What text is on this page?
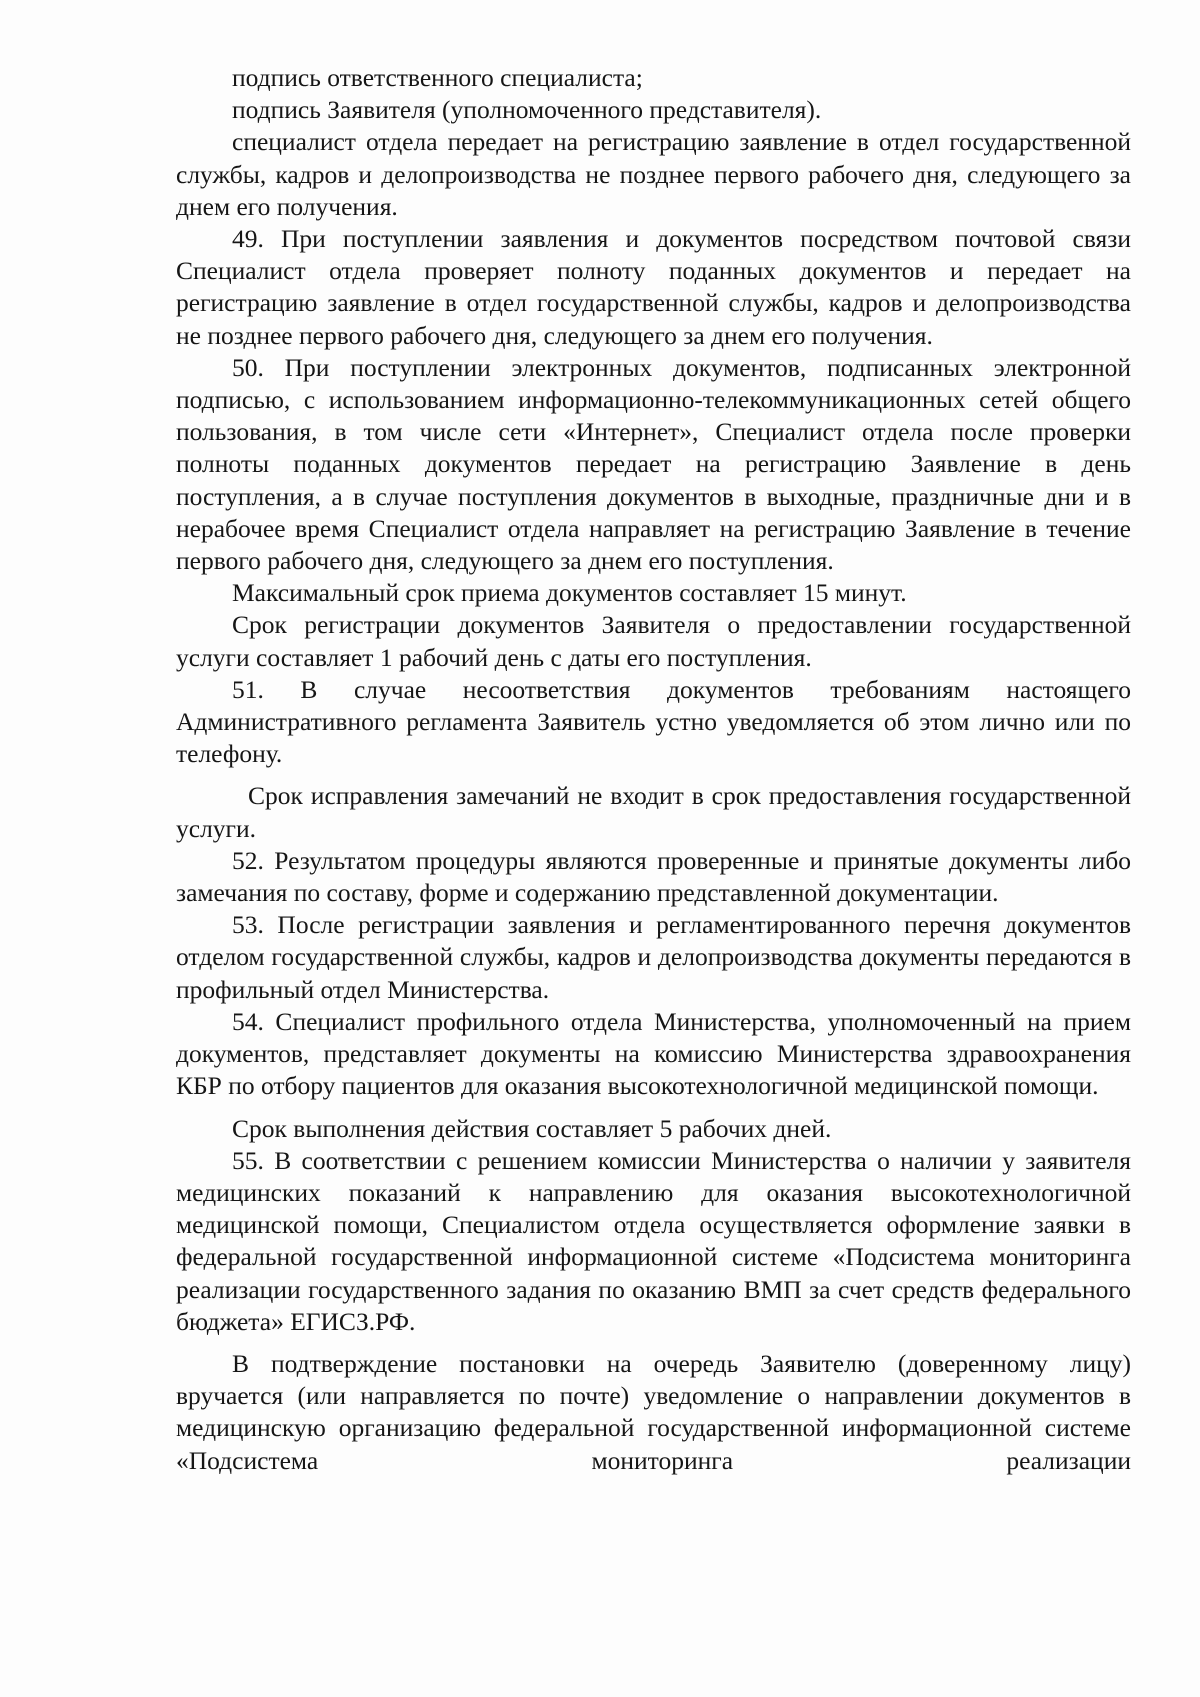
подпись ответственного специалиста;

подпись Заявителя (уполномоченного представителя).

специалист отдела передает на регистрацию заявление в отдел государственной службы, кадров и делопроизводства не позднее первого рабочего дня, следующего за днем его получения.

49. При поступлении заявления и документов посредством почтовой связи Специалист отдела проверяет полноту поданных документов и передает на регистрацию заявление в отдел государственной службы, кадров и делопроизводства не позднее первого рабочего дня, следующего за днем его получения.

50. При поступлении электронных документов, подписанных электронной подписью, с использованием информационно-телекоммуникационных сетей общего пользования, в том числе сети «Интернет», Специалист отдела после проверки полноты поданных документов передает на регистрацию Заявление в день поступления, а в случае поступления документов в выходные, праздничные дни и в нерабочее время Специалист отдела направляет на регистрацию Заявление в течение первого рабочего дня, следующего за днем его поступления.

Максимальный срок приема документов составляет 15 минут.

Срок регистрации документов Заявителя о предоставлении государственной услуги составляет 1 рабочий день с даты его поступления.

51. В случае несоответствия документов требованиям настоящего Административного регламента Заявитель устно уведомляется об этом лично или по телефону.

Срок исправления замечаний не входит в срок предоставления государственной услуги.

52. Результатом процедуры являются проверенные и принятые документы либо замечания по составу, форме и содержанию представленной документации.

53. После регистрации заявления и регламентированного перечня документов отделом государственной службы, кадров и делопроизводства документы передаются в профильный отдел Министерства.

54. Специалист профильного отдела Министерства, уполномоченный на прием документов, представляет документы на комиссию Министерства здравоохранения КБР по отбору пациентов для оказания высокотехнологичной медицинской помощи.

Срок выполнения действия составляет 5 рабочих дней.

55. В соответствии с решением комиссии Министерства о наличии у заявителя медицинских показаний к направлению для оказания высокотехнологичной медицинской помощи, Специалистом отдела осуществляется оформление заявки в федеральной государственной информационной системе «Подсистема мониторинга реализации государственного задания по оказанию ВМП за счет средств федерального бюджета» ЕГИСЗ.РФ.

В подтверждение постановки на очередь Заявителю (доверенному лицу) вручается (или направляется по почте) уведомление о направлении документов в медицинскую организацию федеральной государственной информационной системе «Подсистема мониторинга реализации
